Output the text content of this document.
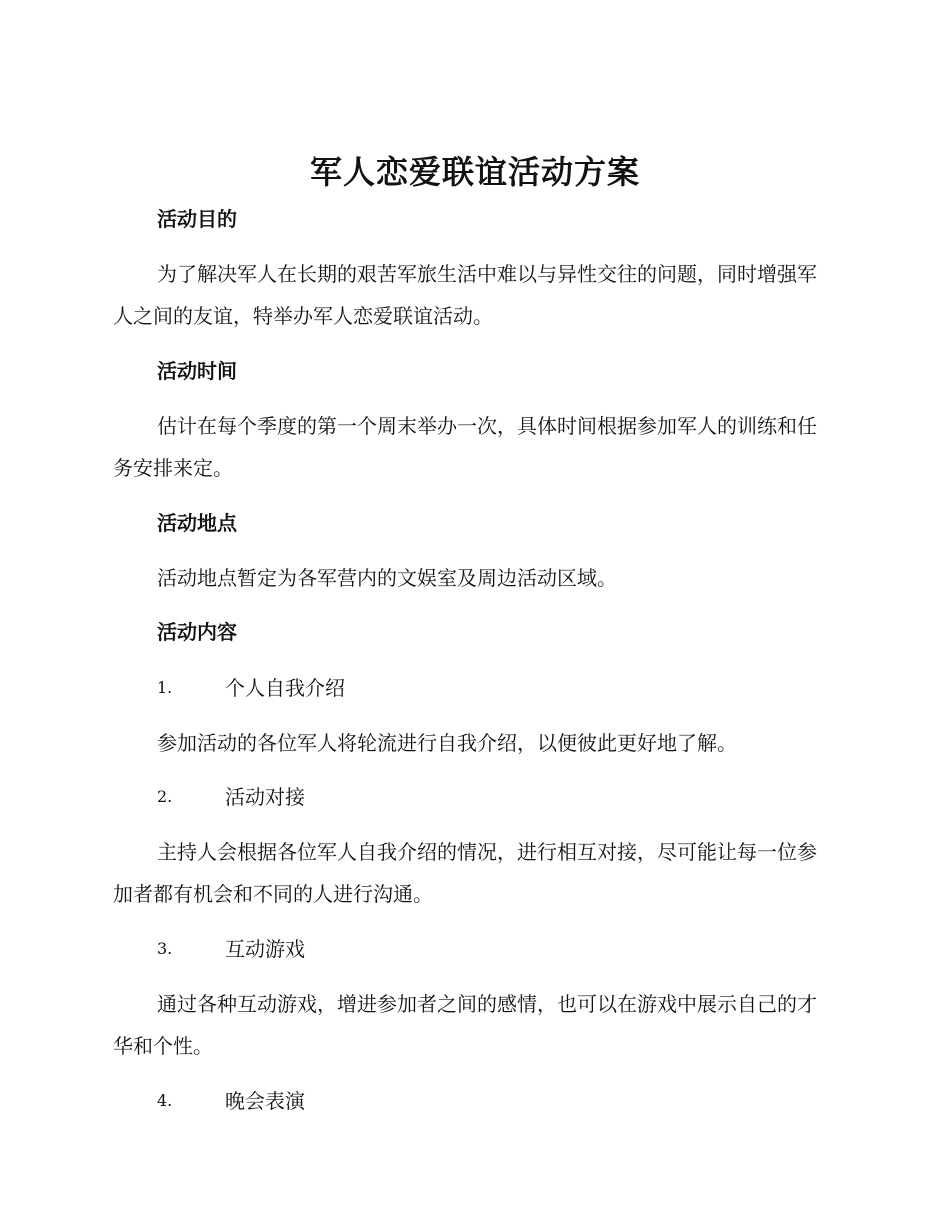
军人恋爱联谊活动方案
活动目的

为了解决军人在长期的艰苦军旅生活中难以与异性交往的问题，同时增强军人之间的友谊，特举办军人恋爱联谊活动。

活动时间

估计在每个季度的第一个周末举办一次，具体时间根据参加军人的训练和任务安排来定。

活动地点

活动地点暂定为各军营内的文娱室及周边活动区域。

活动内容
1.	个人自我介绍

参加活动的各位军人将轮流进行自我介绍，以便彼此更好地了解。

2.	活动对接

主持人会根据各位军人自我介绍的情况，进行相互对接，尽可能让每一位参加者都有机会和不同的人进行沟通。

3.	互动游戏

通过各种互动游戏，增进参加者之间的感情，也可以在游戏中展示自己的才华和个性。

4.	晚会表演
